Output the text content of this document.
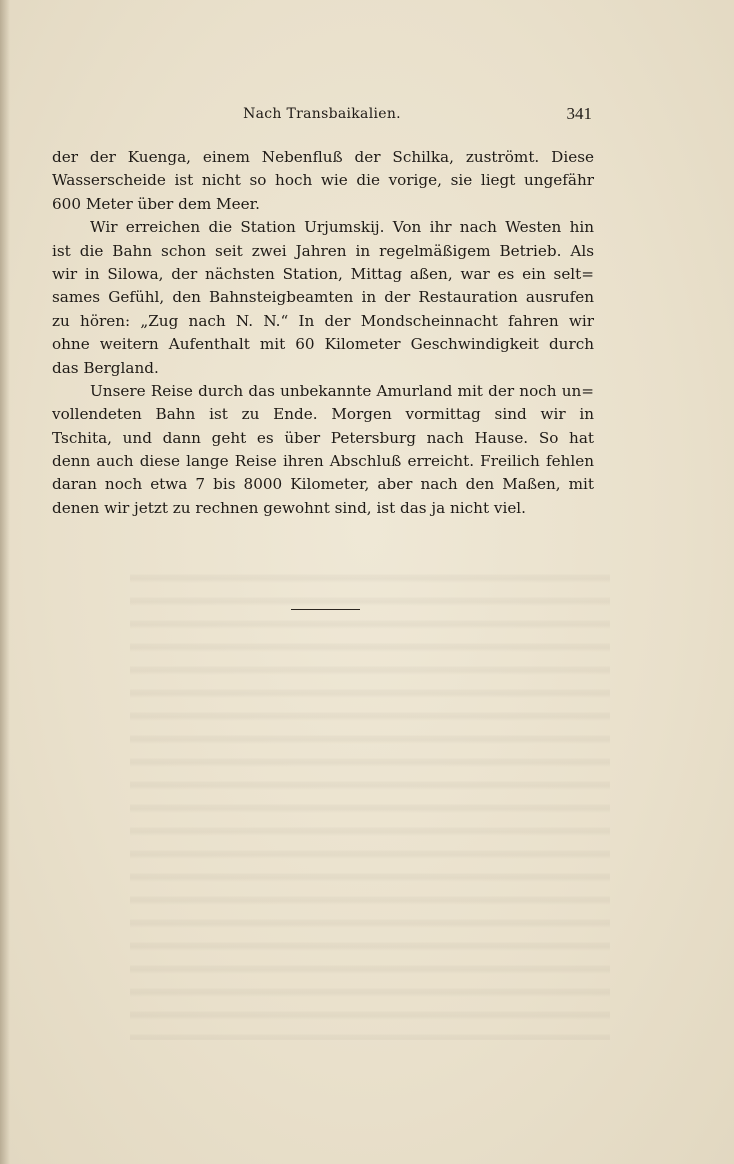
Nach Transbaikalien.	341
der der Kuenga, einem Nebenfluß der Schilka, zuströmt. Diese
Wasserscheide ist nicht so hoch wie die vorige, sie liegt ungefähr
600 Meter über dem Meer.
Wir erreichen die Station Urjumskij. Von ihr nach Westen hin
ist die Bahn schon seit zwei Jahren in regelmäßigem Betrieb. Als
wir in Silowa, der nächsten Station, Mittag aßen, war es ein selt=
sames Gefühl, den Bahnsteigbeamten in der Restauration ausrufen
zu hören: „Zug nach N. N.“ In der Mondscheinnacht fahren wir
ohne weitern Aufenthalt mit 60 Kilometer Geschwindigkeit durch
das Bergland.
Unsere Reise durch das unbekannte Amurland mit der noch un=
vollendeten Bahn ist zu Ende. Morgen vormittag sind wir in
Tschita, und dann geht es über Petersburg nach Hause. So hat
denn auch diese lange Reise ihren Abschluß erreicht. Freilich fehlen
daran noch etwa 7 bis 8000 Kilometer, aber nach den Maßen, mit
denen wir jetzt zu rechnen gewohnt sind, ist das ja nicht viel.
